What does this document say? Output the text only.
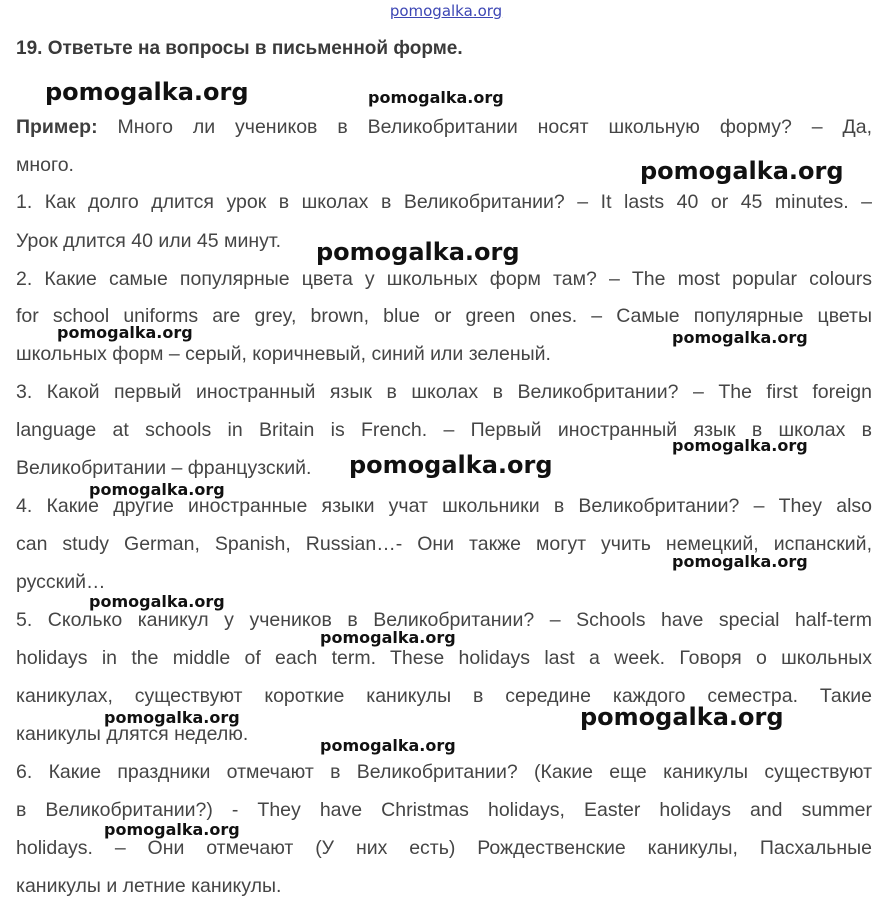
pomogalka.org
19. Ответьте на вопросы в письменной форме.
Пример: Много ли учеников в Великобритании носят школьную форму? – Да,
много.
1. Как долго длится урок в школах в Великобритании? – It lasts 40 or 45 minutes. –
Урок длится 40 или 45 минут.
2. Какие самые популярные цвета у школьных форм там? – The most popular colours
for school uniforms are grey, brown, blue or green ones. – Самые популярные цветы
школьных форм – серый, коричневый, синий или зеленый.
3. Какой первый иностранный язык в школах в Великобритании? – The first foreign
language at schools in Britain is French. – Первый иностранный язык в школах в
Великобритании – французский.
4. Какие другие иностранные языки учат школьники в Великобритании? – They also
can study German, Spanish, Russian…- Они также могут учить немецкий, испанский,
русский…
5. Сколько каникул у учеников в Великобритании? – Schools have special half-term
holidays in the middle of each term. These holidays last a week. Говоря о школьных
каникулах, существуют короткие каникулы в середине каждого семестра. Такие
каникулы длятся неделю.
6. Какие праздники отмечают в Великобритании? (Какие еще каникулы существуют
в Великобритании?) - They have Christmas holidays, Easter holidays and summer
holidays. – Они отмечают (У них есть) Рождественские каникулы, Пасхальные
каникулы и летние каникулы.
pomogalka.org	pomogalka.org
pomogalka.org
pomogalka.org
pomogalka.org	pomogalka.org
pomogalka.org
pomogalka.org
pomogalka.org
pomogalka.org
pomogalka.org
pomogalka.org
pomogalka.org
pomogalka.org
pomogalka.org
pomogalka.org
